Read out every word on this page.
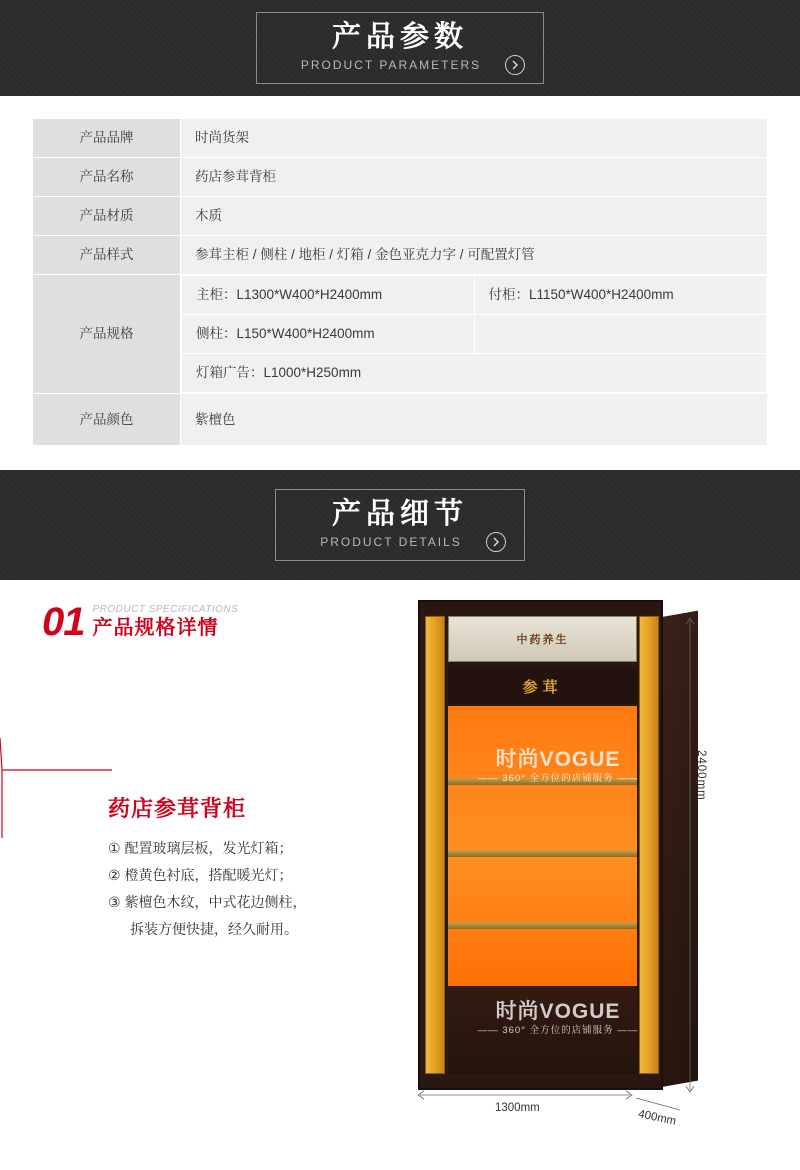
产品参数
PRODUCT PARAMETERS
产品品牌	时尚货架
产品名称	药店参茸背柜
产品材质	木质
产品样式	参茸主柜 / 侧柱 / 地柜 / 灯箱 / 金色亚克力字 / 可配置灯管
产品规格	
主柜：L1300*W400*H2400mm	付柜：L1150*W400*H2400mm
侧柱：L150*W400*H2400mm	
灯箱广告：L1000*H250mm

产品颜色	紫檀色
产品细节
PRODUCT DETAILS
01 PRODUCT SPECIFICATIONS
产品规格详情
药店参茸背柜
① 配置玻璃层板，发光灯箱；
② 橙黄色衬底，搭配暖光灯；
③ 紫檀色木纹，中式花边侧柱，
拆装方便快捷，经久耐用。
中药养生
参茸
时尚VOGUE
—— 360° 全方位的店铺服务 ——
时尚VOGUE
—— 360° 全方位的店铺服务 ——
2400mm
1300mm
400mm
